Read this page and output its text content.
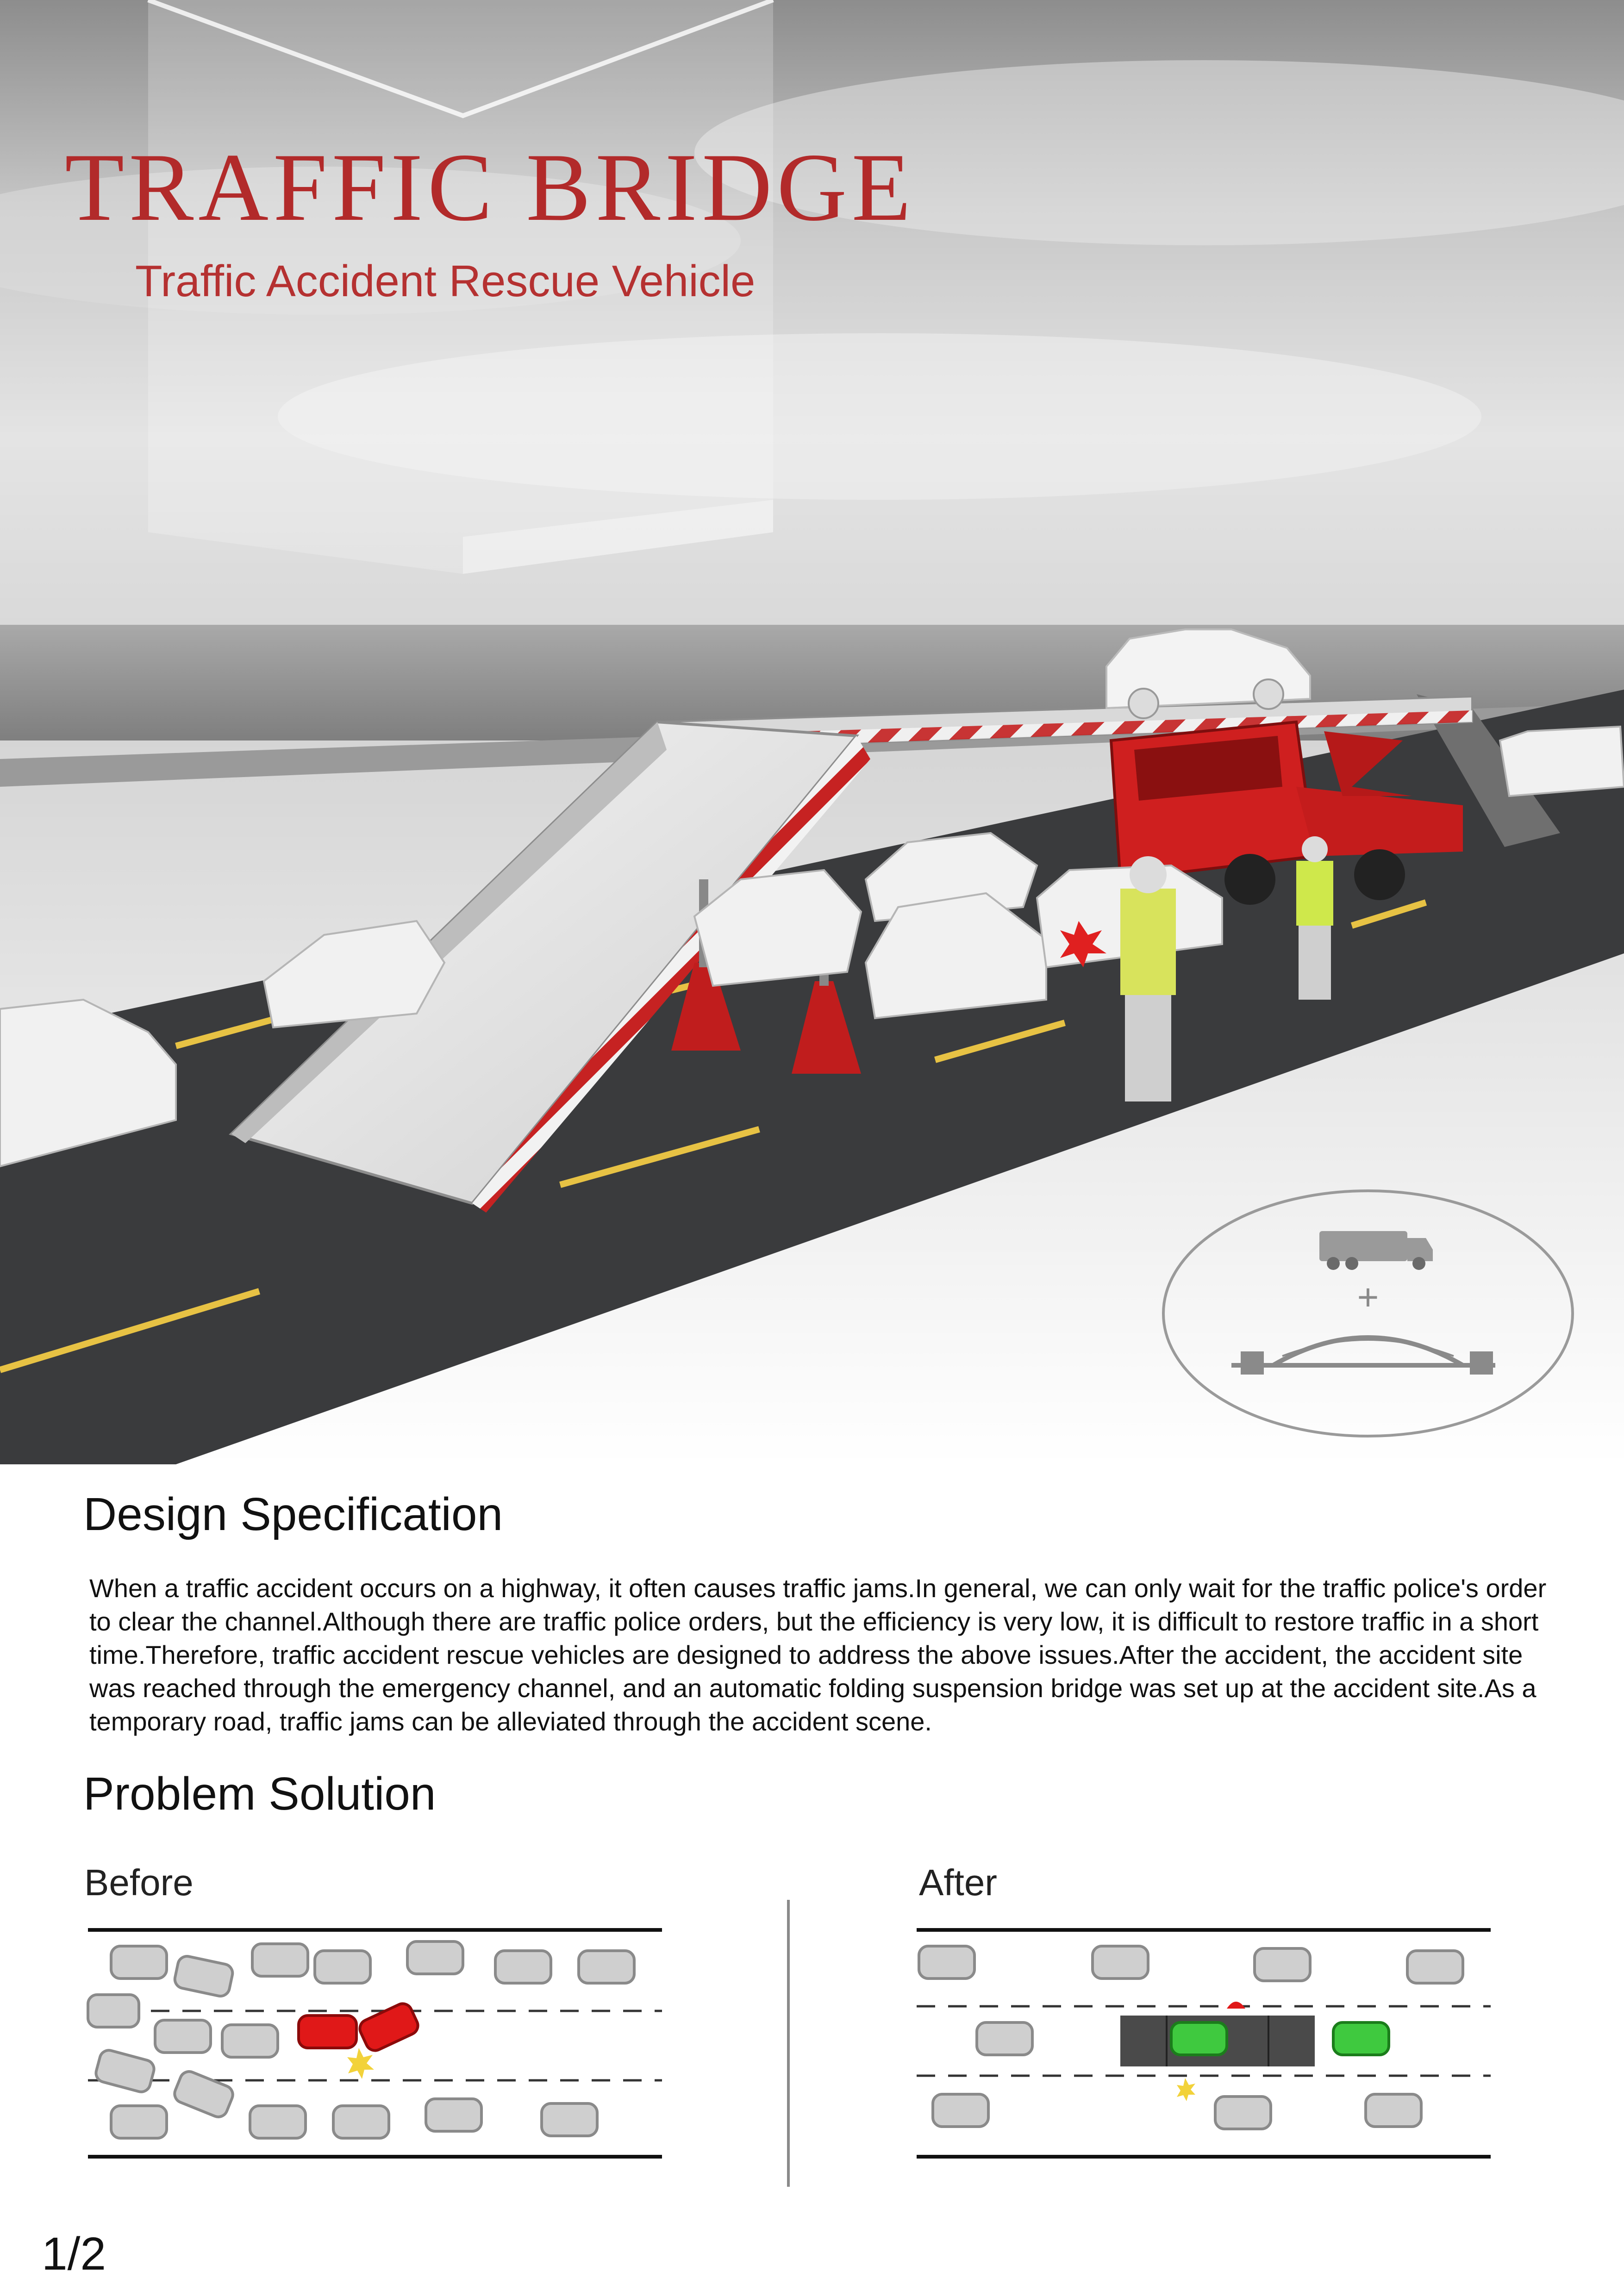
+
TRAFFIC BRIDGE
Traffic Accident Rescue Vehicle
Design Specification

When a traffic accident occurs on a highway, it often causes traffic jams.In general, we can only wait for the traffic police's order to clear the channel.Although there are traffic police orders, but the efficiency is very low, it is difficult to restore traffic in a short time.Therefore, traffic accident rescue vehicles are designed to address the above issues.After the accident, the accident site was reached through the emergency channel, and an automatic folding suspension bridge was set up at the accident site.As a temporary road, traffic jams can be alleviated through the accident scene.

Problem Solution
Before	After
1/2
